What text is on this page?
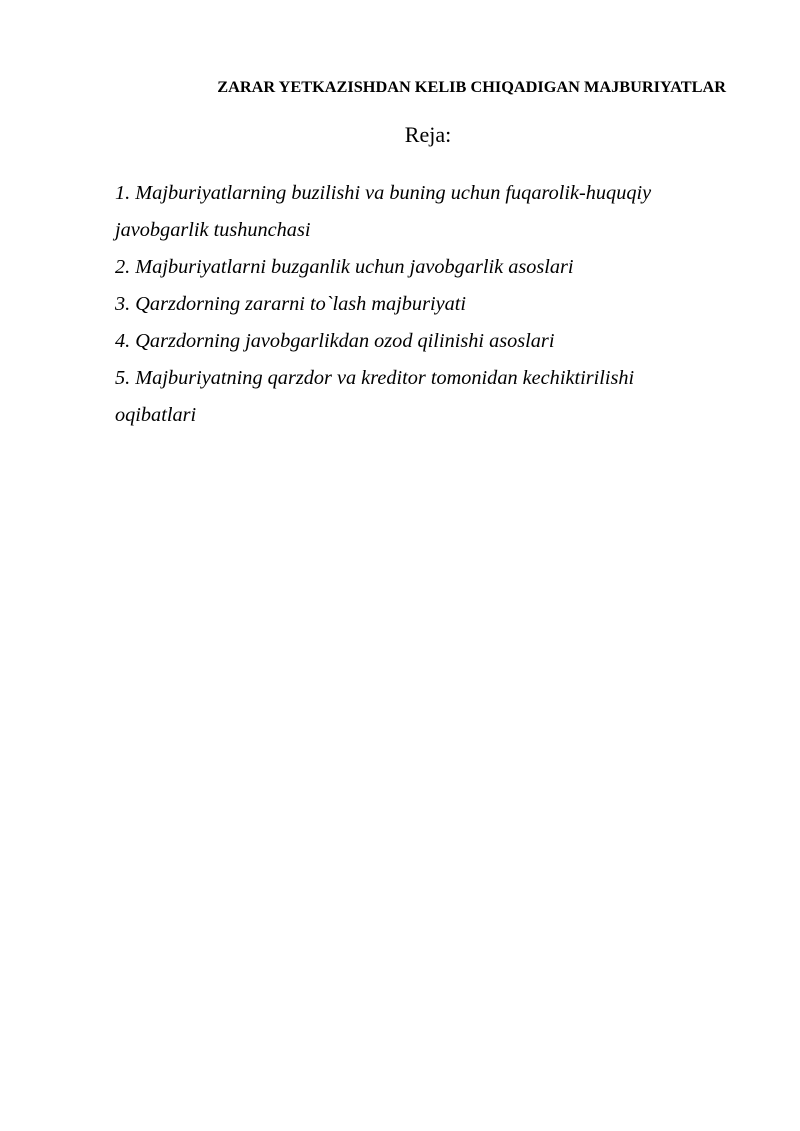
ZARAR YETKAZISHDAN KELIB CHIQADIGAN MAJBURIYATLAR
Reja:
1. Majburiyatlarning buzilishi va buning uchun fuqarolik-huquqiy javobgarlik tushunchasi
2. Majburiyatlarni buzganlik uchun javobgarlik asoslari
3. Qarzdorning zararni to`lash majburiyati
4. Qarzdorning javobgarlikdan ozod qilinishi asoslari
5. Majburiyatning qarzdor va kreditor tomonidan kechiktirilishi oqibatlari
